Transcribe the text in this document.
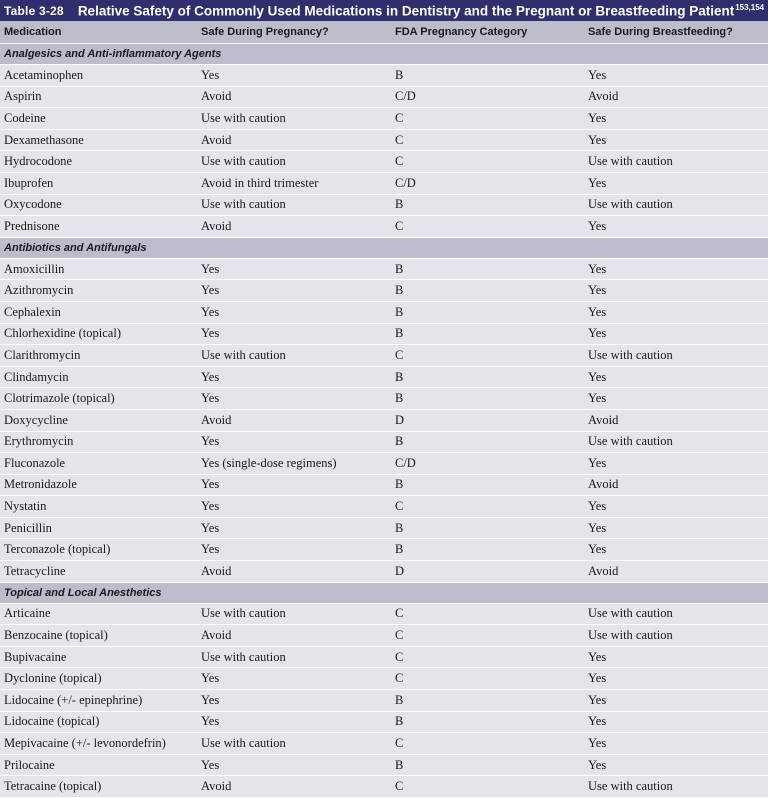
Table 3-28 Relative Safety of Commonly Used Medications in Dentistry and the Pregnant or Breastfeeding Patient$^{153,154}$
Medication	Safe During Pregnancy?	FDA Pregnancy Category	Safe During Breastfeeding?
Analgesics and Anti-inflammatory Agents			
Acetaminophen	Yes	B	Yes
Aspirin	Avoid	C/D	Avoid
Codeine	Use with caution	C	Yes
Dexamethasone	Avoid	C	Yes
Hydrocodone	Use with caution	C	Use with caution
Ibuprofen	Avoid in third trimester	C/D	Yes
Oxycodone	Use with caution	B	Use with caution
Prednisone	Avoid	C	Yes
Antibiotics and Antifungals			
Amoxicillin	Yes	B	Yes
Azithromycin	Yes	B	Yes
Cephalexin	Yes	B	Yes
Chlorhexidine (topical)	Yes	B	Yes
Clarithromycin	Use with caution	C	Use with caution
Clindamycin	Yes	B	Yes
Clotrimazole (topical)	Yes	B	Yes
Doxycycline	Avoid	D	Avoid
Erythromycin	Yes	B	Use with caution
Fluconazole	Yes (single-dose regimens)	C/D	Yes
Metronidazole	Yes	B	Avoid
Nystatin	Yes	C	Yes
Penicillin	Yes	B	Yes
Terconazole (topical)	Yes	B	Yes
Tetracycline	Avoid	D	Avoid
Topical and Local Anesthetics			
Articaine	Use with caution	C	Use with caution
Benzocaine (topical)	Avoid	C	Use with caution
Bupivacaine	Use with caution	C	Yes
Dyclonine (topical)	Yes	C	Yes
Lidocaine (+/- epinephrine)	Yes	B	Yes
Lidocaine (topical)	Yes	B	Yes
Mepivacaine (+/- levonordefrin)	Use with caution	C	Yes
Prilocaine	Yes	B	Yes
Tetracaine (topical)	Avoid	C	Use with caution
